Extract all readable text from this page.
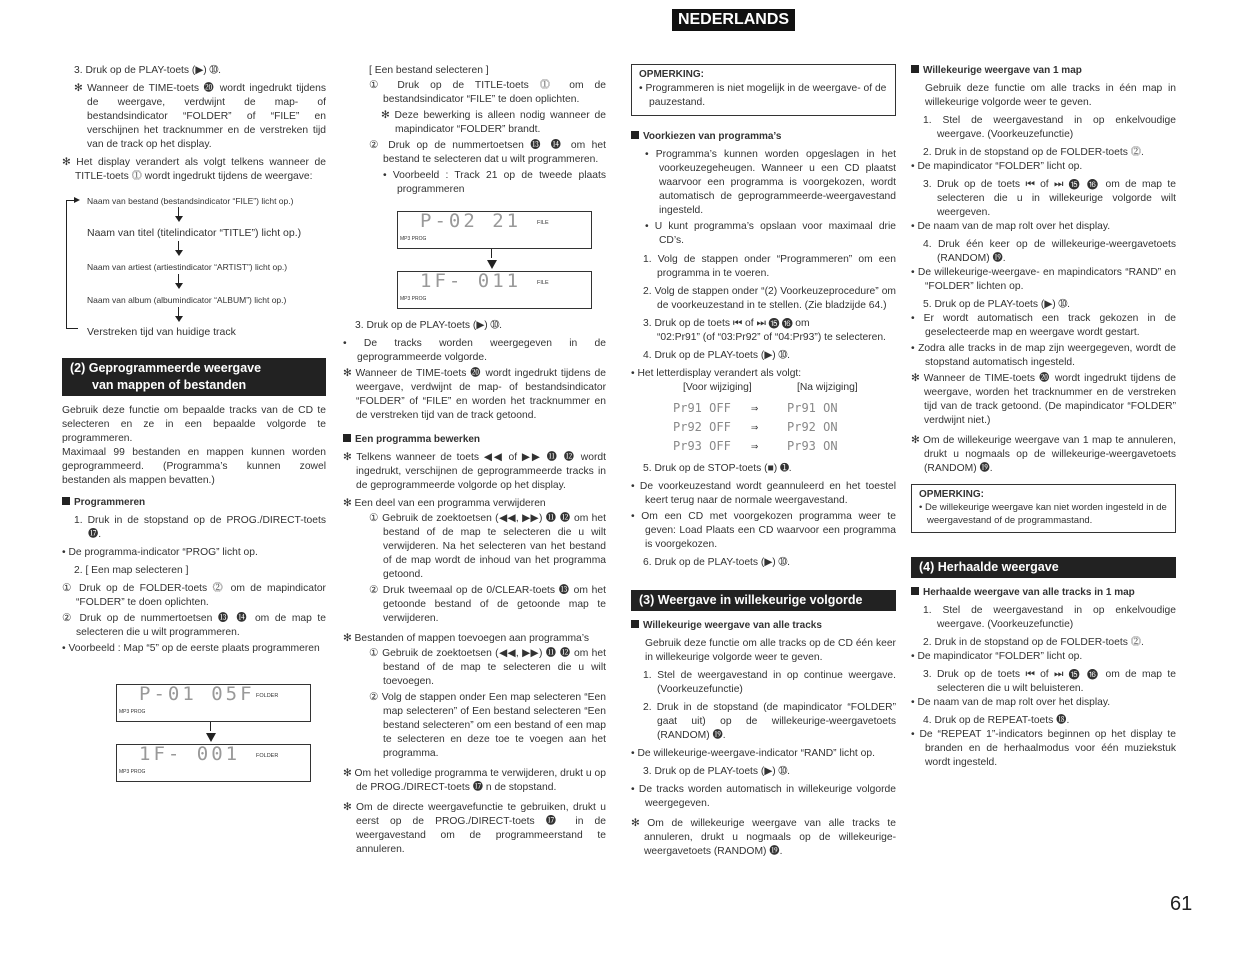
NEDERLANDS

3. Druk op de PLAY-toets (▶) ➉.

✻ Wanneer de TIME-toets ⓴ wordt ingedrukt tijdens de weergave, verdwijnt de map- of bestandsindicator “FOLDER” of “FILE” en verschijnen het tracknummer en de verstreken tijd van de track op het display.

✻ Het display verandert als volgt telkens wanneer de TITLE-toets ⓵ wordt ingedrukt tijdens de weergave:

Naam van bestand (bestandsindicator “FILE”) licht op.)
Naam van titel (titelindicator “TITLE”) licht op.)
Naam van artiest (artiestindicator “ARTIST”) licht op.)
Naam van album (albumindicator “ALBUM”) licht op.)
Verstreken tijd van huidige track
(2) Geprogrammeerde weergave
van mappen of bestanden

Gebruik deze functie om bepaalde tracks van de CD te selecteren en ze in een bepaalde volgorde te programmeren.

Maximaal 99 bestanden en mappen kunnen worden geprogrammeerd. (Programma’s kunnen zowel bestanden als mappen bevatten.)

Programmeren

1. Druk in de stopstand op de PROG./DIRECT-toets ⓱.

• De programma-indicator “PROG” licht op.

2. [ Een map selecteren ]

① Druk op de FOLDER-toets ⓶ om de mapindicator “FOLDER” te doen oplichten.

② Druk op de nummertoetsen ⓭ ⓮ om de map te selecteren die u wilt programmeren.

• Voorbeeld : Map “5” op de eerste plaats programmeren

P-01 05F FOLDER
MP3 PROG
1F- 001	FOLDER
MP3 PROG

[ Een bestand selecteren ]

① Druk op de TITLE-toets ⓵ om de bestandsindicator “FILE” te doen oplichten.

✻ Deze bewerking is alleen nodig wanneer de mapindicator “FOLDER” brandt.

② Druk op de nummertoetsen ⓭ ⓮ om het bestand te selecteren dat u wilt programmeren.

• Voorbeeld : Track 21 op de tweede plaats programmeren

P-02 21	FILE
MP3 PROG
1F- 011	FILE
MP3 PROG

3. Druk op de PLAY-toets (▶) ➉.

• De tracks worden weergegeven in de geprogrammeerde volgorde.

✻ Wanneer de TIME-toets ⓴ wordt ingedrukt tijdens de weergave, verdwijnt de map- of bestandsindicator “FOLDER” of “FILE” en worden het tracknummer en de verstreken tijd van de track getoond.

Een programma bewerken

✻ Telkens wanneer de toets ◀◀ of ▶▶ ⓫ ⓬ wordt ingedrukt, verschijnen de geprogrammeerde tracks in de geprogrammeerde volgorde op het display.

✻ Een deel van een programma verwijderen

① Gebruik de zoektoetsen (◀◀, ▶▶) ⓫ ⓬ om het bestand of de map te selecteren die u wilt verwijderen. Na het selecteren van het bestand of de map wordt de inhoud van het programma getoond.

② Druk tweemaal op de 0/CLEAR-toets ⓭ om het getoonde bestand of de getoonde map te verwijderen.

✻ Bestanden of mappen toevoegen aan programma’s

① Gebruik de zoektoetsen (◀◀, ▶▶) ⓫ ⓬ om het bestand of de map te selecteren die u wilt toevoegen.

② Volg de stappen onder Een map selecteren “Een map selecteren” of Een bestand selecteren “Een bestand selecteren” om een bestand of een map te selecteren en deze toe te voegen aan het programma.

✻ Om het volledige programma te verwijderen, drukt u op de PROG./DIRECT-toets ⓱ n de stopstand.

✻ Om de directe weergavefunctie te gebruiken, drukt u eerst op de PROG./DIRECT-toets ⓱ in de weergavestand om de programmeerstand te annuleren.

OPMERKING:
• Programmeren is niet mogelijk in de weergave- of de pauzestand.
Voorkiezen van programma’s

• Programma’s kunnen worden opgeslagen in het voorkeuzegeheugen. Wanneer u een CD plaatst waarvoor een programma is voorgekozen, wordt automatisch de geprogrammeerde-weergavestand ingesteld.

• U kunt programma’s opslaan voor maximaal drie CD’s.

1. Volg de stappen onder “Programmeren” om een programma in te voeren.

2. Volg de stappen onder “(2) Voorkeuzeprocedure” om de voorkeuzestand in te stellen. (Zie bladzijde 64.)

3. Druk op de toets ⏮ of ⏭ ⓯ ⓰ om

“02:Pr91” (of “03:Pr92” of “04:Pr93”) te selecteren.

4. Druk op de PLAY-toets (▶) ➉.

• Het letterdisplay verandert als volgt:

[Voor wijziging]	[Na wijziging]
Pr91 OFF ⇒ Pr91 ON
Pr92 OFF ⇒ Pr92 ON
Pr93 OFF ⇒ Pr93 ON

5. Druk op de STOP-toets (■) ➊.

• De voorkeuzestand wordt geannuleerd en het toestel keert terug naar de normale weergavestand.

• Om een CD met voorgekozen programma weer te geven: Load Plaats een CD waarvoor een programma is voorgekozen.

6. Druk op de PLAY-toets (▶) ➉.

(3) Weergave in willekeurige volgorde
Willekeurige weergave van alle tracks

Gebruik deze functie om alle tracks op de CD één keer in willekeurige volgorde weer te geven.

1. Stel de weergavestand in op continue weergave. (Voorkeuzefunctie)

2. Druk in de stopstand (de mapindicator “FOLDER” gaat uit) op de willekeurige-weergavetoets (RANDOM) ⓳.

• De willekeurige-weergave-indicator “RAND” licht op.

3. Druk op de PLAY-toets (▶) ➉.

• De tracks worden automatisch in willekeurige volgorde weergegeven.

✻ Om de willekeurige weergave van alle tracks te annuleren, drukt u nogmaals op de willekeurige-weergavetoets (RANDOM) ⓳.

Willekeurige weergave van 1 map

Gebruik deze functie om alle tracks in één map in willekeurige volgorde weer te geven.

1. Stel de weergavestand in op enkelvoudige weergave. (Voorkeuzefunctie)

2. Druk in de stopstand op de FOLDER-toets ⓶.

• De mapindicator “FOLDER” licht op.

3. Druk op de toets ⏮ of ⏭ ⓯ ⓰ om de map te selecteren die u in willekeurige volgorde wilt weergeven.

• De naam van de map rolt over het display.

4. Druk één keer op de willekeurige-weergavetoets (RANDOM) ⓳.

• De willekeurige-weergave- en mapindicators “RAND” en “FOLDER” lichten op.

5. Druk op de PLAY-toets (▶) ➉.

• Er wordt automatisch een track gekozen in de geselecteerde map en weergave wordt gestart.

• Zodra alle tracks in de map zijn weergegeven, wordt de stopstand automatisch ingesteld.

✻ Wanneer de TIME-toets ⓴ wordt ingedrukt tijdens de weergave, worden het tracknummer en de verstreken tijd van de track getoond. (De mapindicator “FOLDER” verdwijnt niet.)

✻ Om de willekeurige weergave van 1 map te annuleren, drukt u nogmaals op de willekeurige-weergavetoets (RANDOM) ⓳.

OPMERKING:
• De willekeurige weergave kan niet worden ingesteld in de weergavestand of de programmastand.
(4) Herhaalde weergave
Herhaalde weergave van alle tracks in 1 map

1. Stel de weergavestand in op enkelvoudige weergave. (Voorkeuzefunctie)

2. Druk in de stopstand op de FOLDER-toets ⓶.

• De mapindicator “FOLDER” licht op.

3. Druk op de toets ⏮ of ⏭ ⓯ ⓰ om de map te selecteren die u wilt beluisteren.

• De naam van de map rolt over het display.

4. Druk op de REPEAT-toets ⓲.

• De “REPEAT 1”-indicators beginnen op het display te branden en de herhaalmodus voor één muziekstuk wordt ingesteld.

61
